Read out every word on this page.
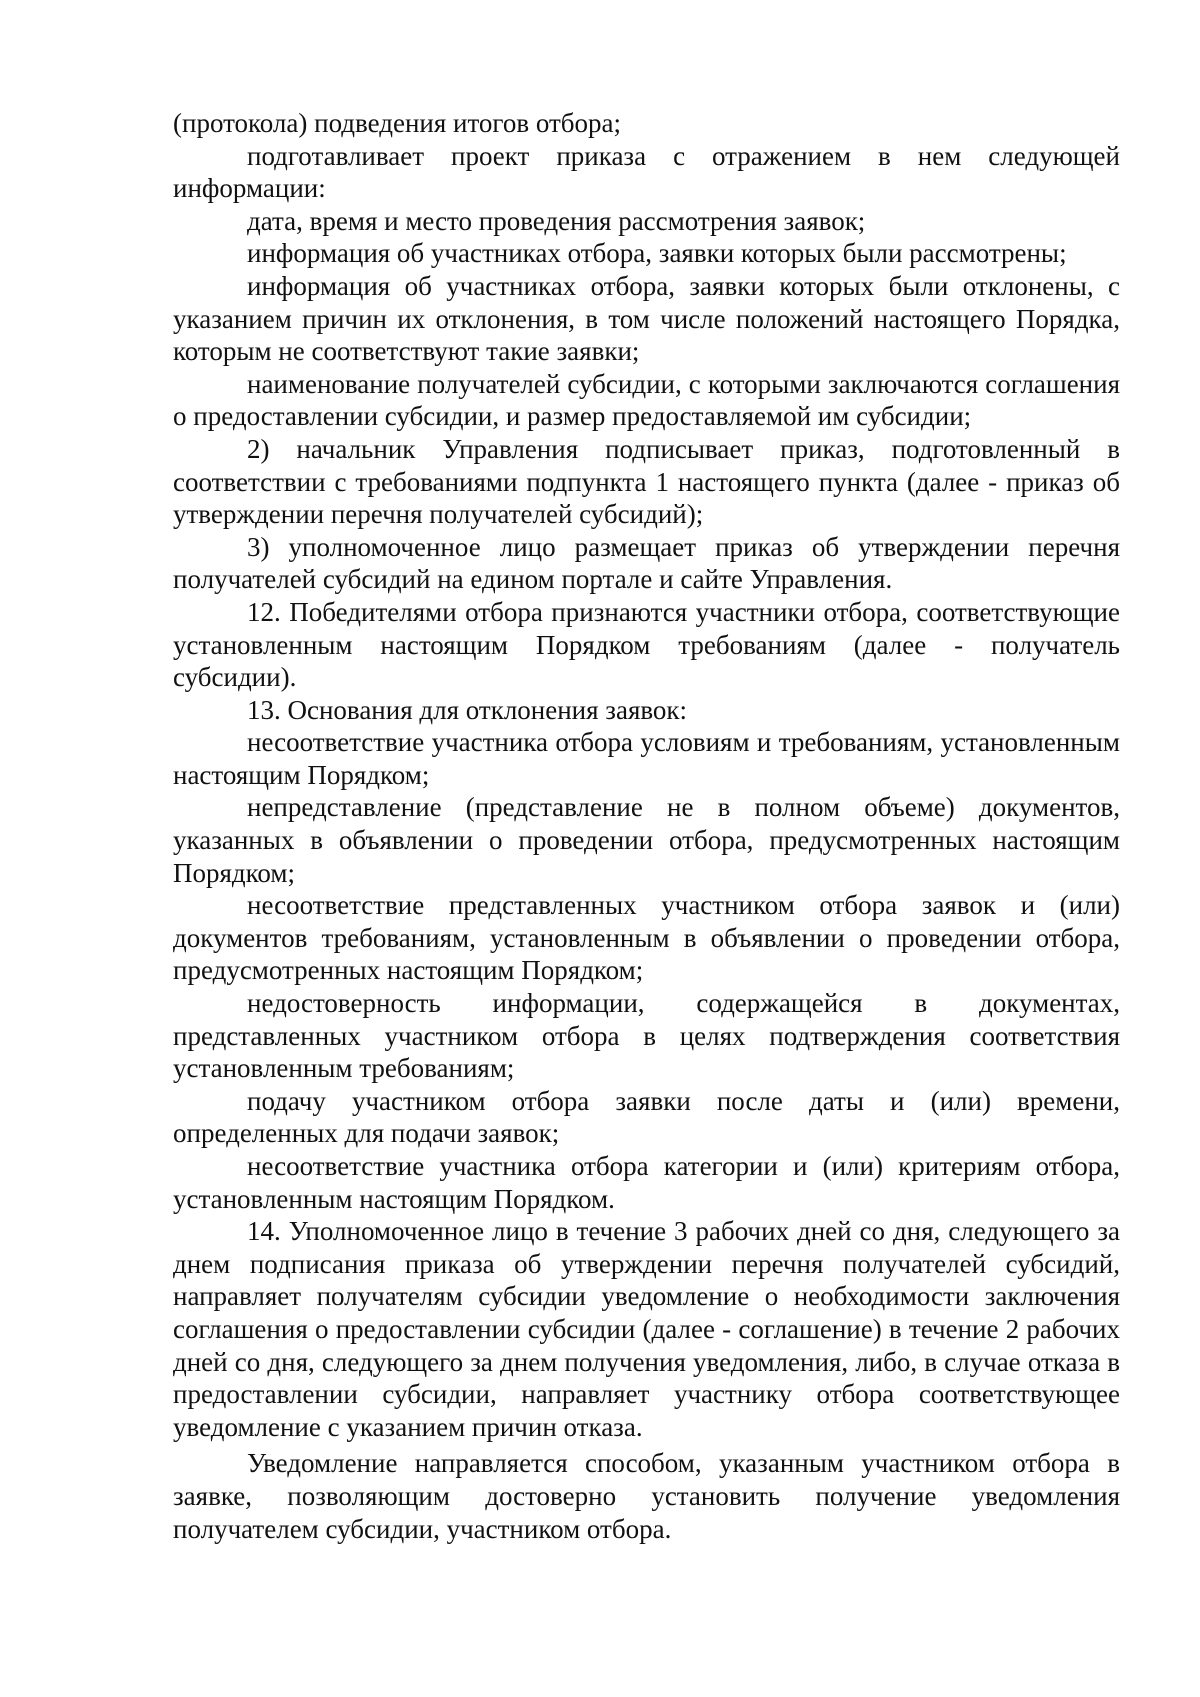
(протокола) подведения итогов отбора;

подготавливает проект приказа с отражением в нем следующей информации:

дата, время и место проведения рассмотрения заявок;

информация об участниках отбора, заявки которых были рассмотрены;

информация об участниках отбора, заявки которых были отклонены, с указанием причин их отклонения, в том числе положений настоящего Порядка, которым не соответствуют такие заявки;

наименование получателей субсидии, с которыми заключаются соглашения о предоставлении субсидии, и размер предоставляемой им субсидии;

2) начальник Управления подписывает приказ, подготовленный в соответствии с требованиями подпункта 1 настоящего пункта (далее - приказ об утверждении перечня получателей субсидий);

3) уполномоченное лицо размещает приказ об утверждении перечня получателей субсидий на едином портале и сайте Управления.

12. Победителями отбора признаются участники отбора, соответствующие установленным настоящим Порядком требованиям (далее - получатель субсидии).

13. Основания для отклонения заявок:

несоответствие участника отбора условиям и требованиям, установленным настоящим Порядком;

непредставление (представление не в полном объеме) документов, указанных в объявлении о проведении отбора, предусмотренных настоящим Порядком;

несоответствие представленных участником отбора заявок и (или) документов требованиям, установленным в объявлении о проведении отбора, предусмотренных настоящим Порядком;

недостоверность информации, содержащейся в документах, представленных участником отбора в целях подтверждения соответствия установленным требованиям;

подачу участником отбора заявки после даты и (или) времени, определенных для подачи заявок;

несоответствие участника отбора категории и (или) критериям отбора, установленным настоящим Порядком.

14. Уполномоченное лицо в течение 3 рабочих дней со дня, следующего за днем подписания приказа об утверждении перечня получателей субсидий, направляет получателям субсидии уведомление о необходимости заключения соглашения о предоставлении субсидии (далее - соглашение) в течение 2 рабочих дней со дня, следующего за днем получения уведомления, либо, в случае отказа в предоставлении субсидии, направляет участнику отбора соответствующее уведомление с указанием причин отказа.

Уведомление направляется способом, указанным участником отбора в заявке, позволяющим достоверно установить получение уведомления получателем субсидии, участником отбора.
